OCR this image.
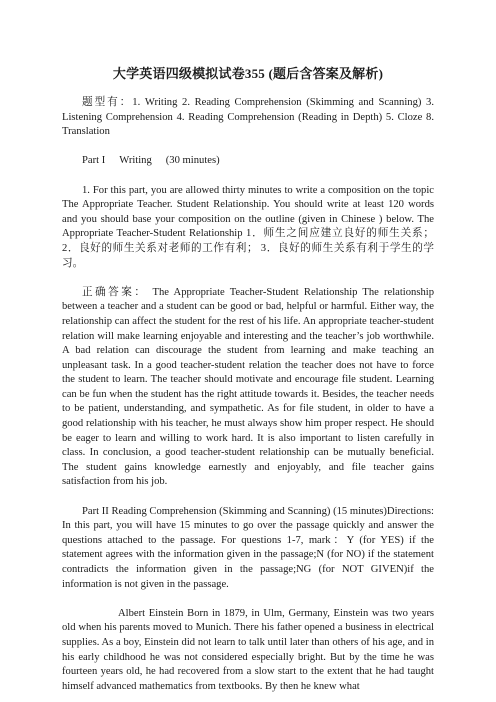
大学英语四级模拟试卷355 (题后含答案及解析)

题型有：1. Writing 2. Reading Comprehension (Skimming and Scanning) 3. Listening Comprehension 4. Reading Comprehension (Reading in Depth) 5. Cloze 8. Translation

Part I Writing (30 minutes)

1. For this part, you are allowed thirty minutes to write a composition on the topic The Appropriate Teacher. Student Relationship. You should write at least 120 words and you should base your composition on the outline (given in Chinese ) below. The Appropriate Teacher-Student Relationship 1．师生之间应建立良好的师生关系； 2．良好的师生关系对老师的工作有利； 3．良好的师生关系有利于学生的学习。

正确答案： The Appropriate Teacher-Student Relationship The relationship between a teacher and a student can be good or bad, helpful or harmful. Either way, the relationship can affect the student for the rest of his life. An appropriate teacher-student relation will make learning enjoyable and interesting and the teacher’s job worthwhile. A bad relation can discourage the student from learning and make teaching an unpleasant task. In a good teacher-student relation the teacher does not have to force the student to learn. The teacher should motivate and encourage file student. Learning can be fun when the student has the right attitude towards it. Besides, the teacher needs to be patient, understanding, and sympathetic. As for file student, in older to have a good relationship with his teacher, he must always show him proper respect. He should be eager to learn and willing to work hard. It is also important to listen carefully in class. In conclusion, a good teacher-student relationship can be mutually beneficial. The student gains knowledge earnestly and enjoyably, and file teacher gains satisfaction from his job.

Part II Reading Comprehension (Skimming and Scanning) (15 minutes)Directions: In this part, you will have 15 minutes to go over the passage quickly and answer the questions attached to the passage. For questions 1-7, mark：Y (for YES) if the statement agrees with the information given in the passage;N (for NO) if the statement contradicts the information given in the passage;NG (for NOT GIVEN)if the information is not given in the passage.

Albert Einstein Born in 1879, in Ulm, Germany, Einstein was two years old when his parents moved to Munich. There his father opened a business in electrical supplies. As a boy, Einstein did not learn to talk until later than others of his age, and in his early childhood he was not considered especially bright. But by the time he was fourteen years old, he had recovered from a slow start to the extent that he had taught himself advanced mathematics from textbooks. By then he knew what
